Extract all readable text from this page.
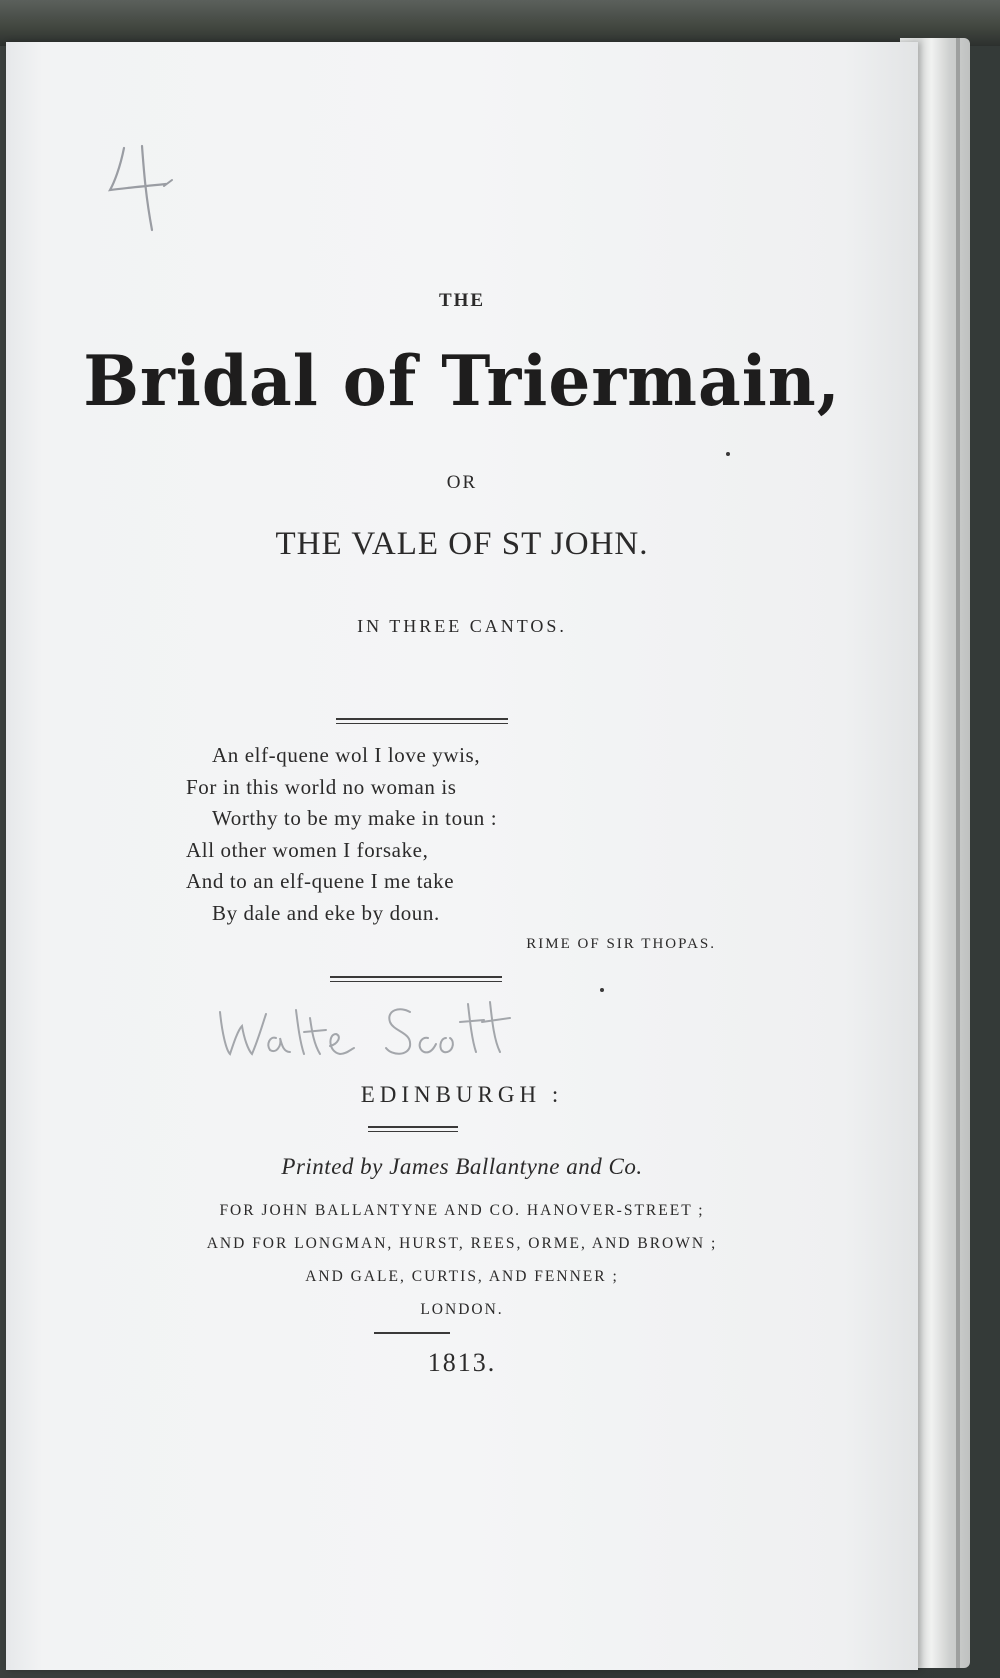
THE
Bridal of Triermain,
OR
THE VALE OF ST JOHN.
IN THREE CANTOS.
An elf-quene wol I love ywis,
For in this world no woman is
Worthy to be my make in toun :
All other women I forsake,
And to an elf-quene I me take
By dale and eke by doun.
RIME OF SIR THOPAS.
EDINBURGH :
Printed by James Ballantyne and Co.
FOR JOHN BALLANTYNE AND CO. HANOVER-STREET ;
AND FOR LONGMAN, HURST, REES, ORME, AND BROWN ;
AND GALE, CURTIS, AND FENNER ;
LONDON.
1813.
